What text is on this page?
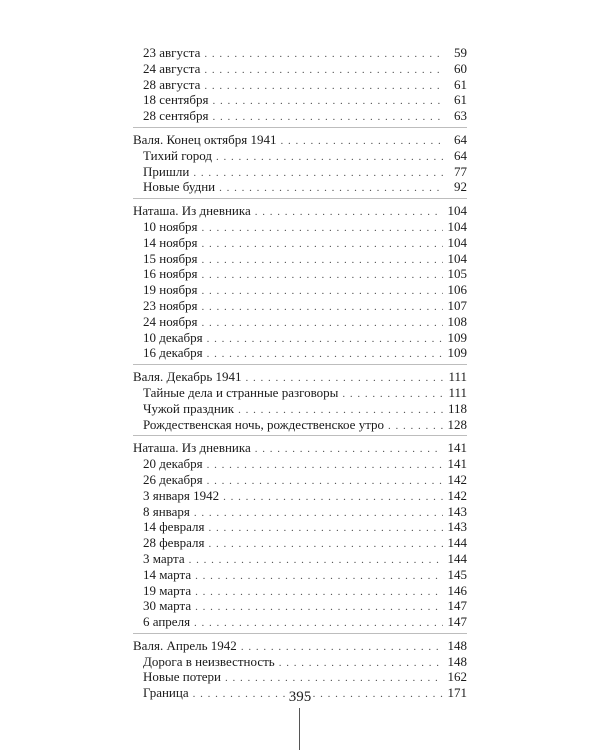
23 августа . . .	59
24 августа . . .	60
28 августа . . .	61
18 сентября . . .	61
28 сентября . . .	63
Валя. Конец октября 1941 . . .	64
Тихий город . . .	64
Пришли . . .	77
Новые будни . . .	92
Наташа. Из дневника . . .	104
10 ноября . . .	104
14 ноября . . .	104
15 ноября . . .	104
16 ноября . . .	105
19 ноября . . .	106
23 ноября . . .	107
24 ноября . . .	108
10 декабря . . .	109
16 декабря . . .	109
Валя. Декабрь 1941 . . .	111
Тайные дела и странные разговоры . . .	111
Чужой праздник . . .	118
Рождественская ночь, рождественское утро . . .	128
Наташа. Из дневника . . .	141
20 декабря . . .	141
26 декабря . . .	142
3 января 1942 . . .	142
8 января . . .	143
14 февраля . . .	143
28 февраля . . .	144
3 марта . . .	144
14 марта . . .	145
19 марта . . .	146
30 марта . . .	147
6 апреля . . .	147
Валя. Апрель 1942 . . .	148
Дорога в неизвестность . . .	148
Новые потери . . .	162
Граница . . .	171
395
